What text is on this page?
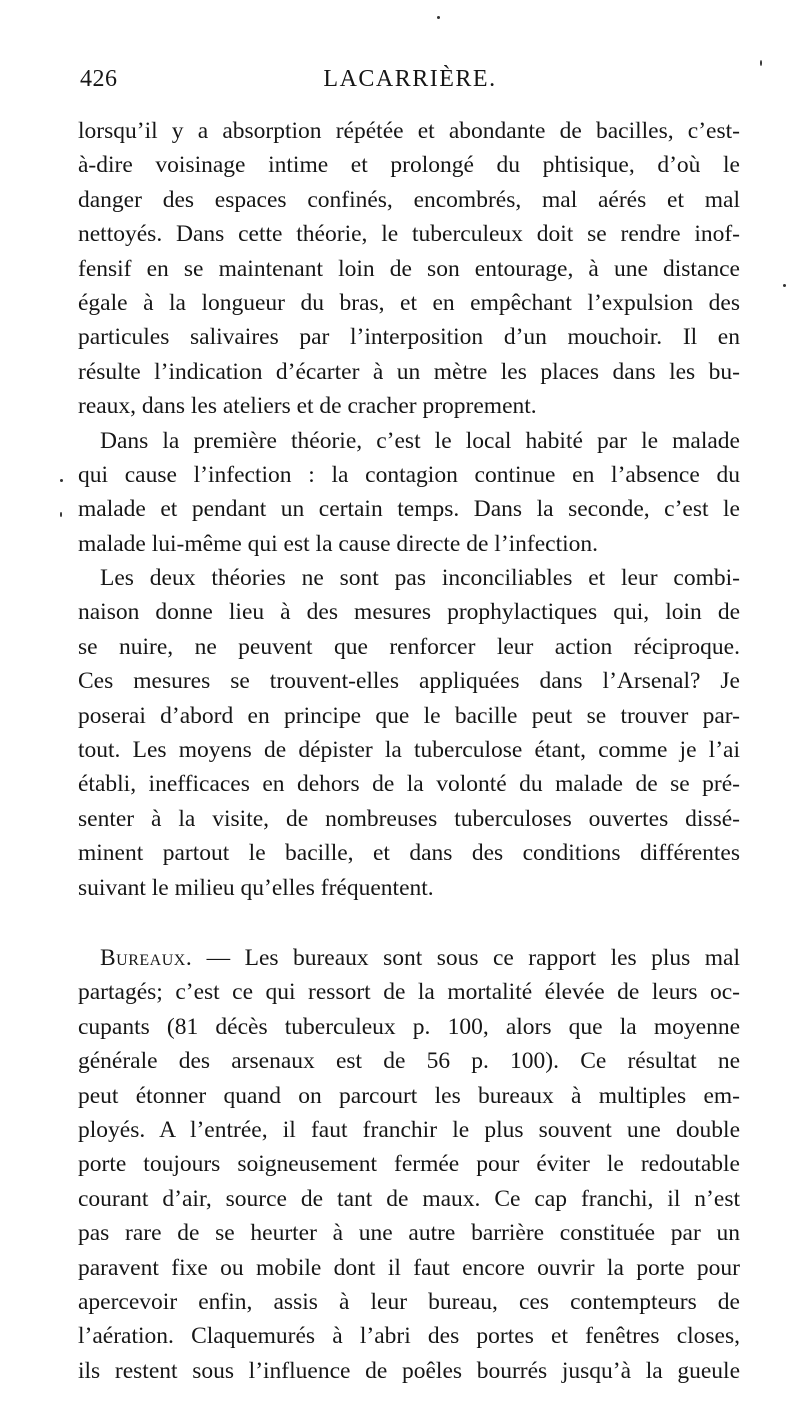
426	LACARRIÈRE.
lorsqu’il y a absorption répétée et abondante de bacilles, c’est-
à-dire voisinage intime et prolongé du phtisique, d’où le
danger des espaces confinés, encombrés, mal aérés et mal
nettoyés. Dans cette théorie, le tuberculeux doit se rendre inof-
fensif en se maintenant loin de son entourage, à une distance
égale à la longueur du bras, et en empêchant l’expulsion des
particules salivaires par l’interposition d’un mouchoir. Il en
résulte l’indication d’écarter à un mètre les places dans les bu-
reaux, dans les ateliers et de cracher proprement.
Dans la première théorie, c’est le local habité par le malade
qui cause l’infection : la contagion continue en l’absence du
malade et pendant un certain temps. Dans la seconde, c’est le
malade lui-même qui est la cause directe de l’infection.
Les deux théories ne sont pas inconciliables et leur combi-
naison donne lieu à des mesures prophylactiques qui, loin de
se nuire, ne peuvent que renforcer leur action réciproque.
Ces mesures se trouvent-elles appliquées dans l’Arsenal? Je
poserai d’abord en principe que le bacille peut se trouver par-
tout. Les moyens de dépister la tuberculose étant, comme je l’ai
établi, inefficaces en dehors de la volonté du malade de se pré-
senter à la visite, de nombreuses tuberculoses ouvertes dissé-
minent partout le bacille, et dans des conditions différentes
suivant le milieu qu’elles fréquentent.
Bureaux. — Les bureaux sont sous ce rapport les plus mal
partagés; c’est ce qui ressort de la mortalité élevée de leurs oc-
cupants (81 décès tuberculeux p. 100, alors que la moyenne
générale des arsenaux est de 56 p. 100). Ce résultat ne
peut étonner quand on parcourt les bureaux à multiples em-
ployés. A l’entrée, il faut franchir le plus souvent une double
porte toujours soigneusement fermée pour éviter le redoutable
courant d’air, source de tant de maux. Ce cap franchi, il n’est
pas rare de se heurter à une autre barrière constituée par un
paravent fixe ou mobile dont il faut encore ouvrir la porte pour
apercevoir enfin, assis à leur bureau, ces contempteurs de
l’aération. Claquemurés à l’abri des portes et fenêtres closes,
ils restent sous l’influence de poêles bourrés jusqu’à la gueule
